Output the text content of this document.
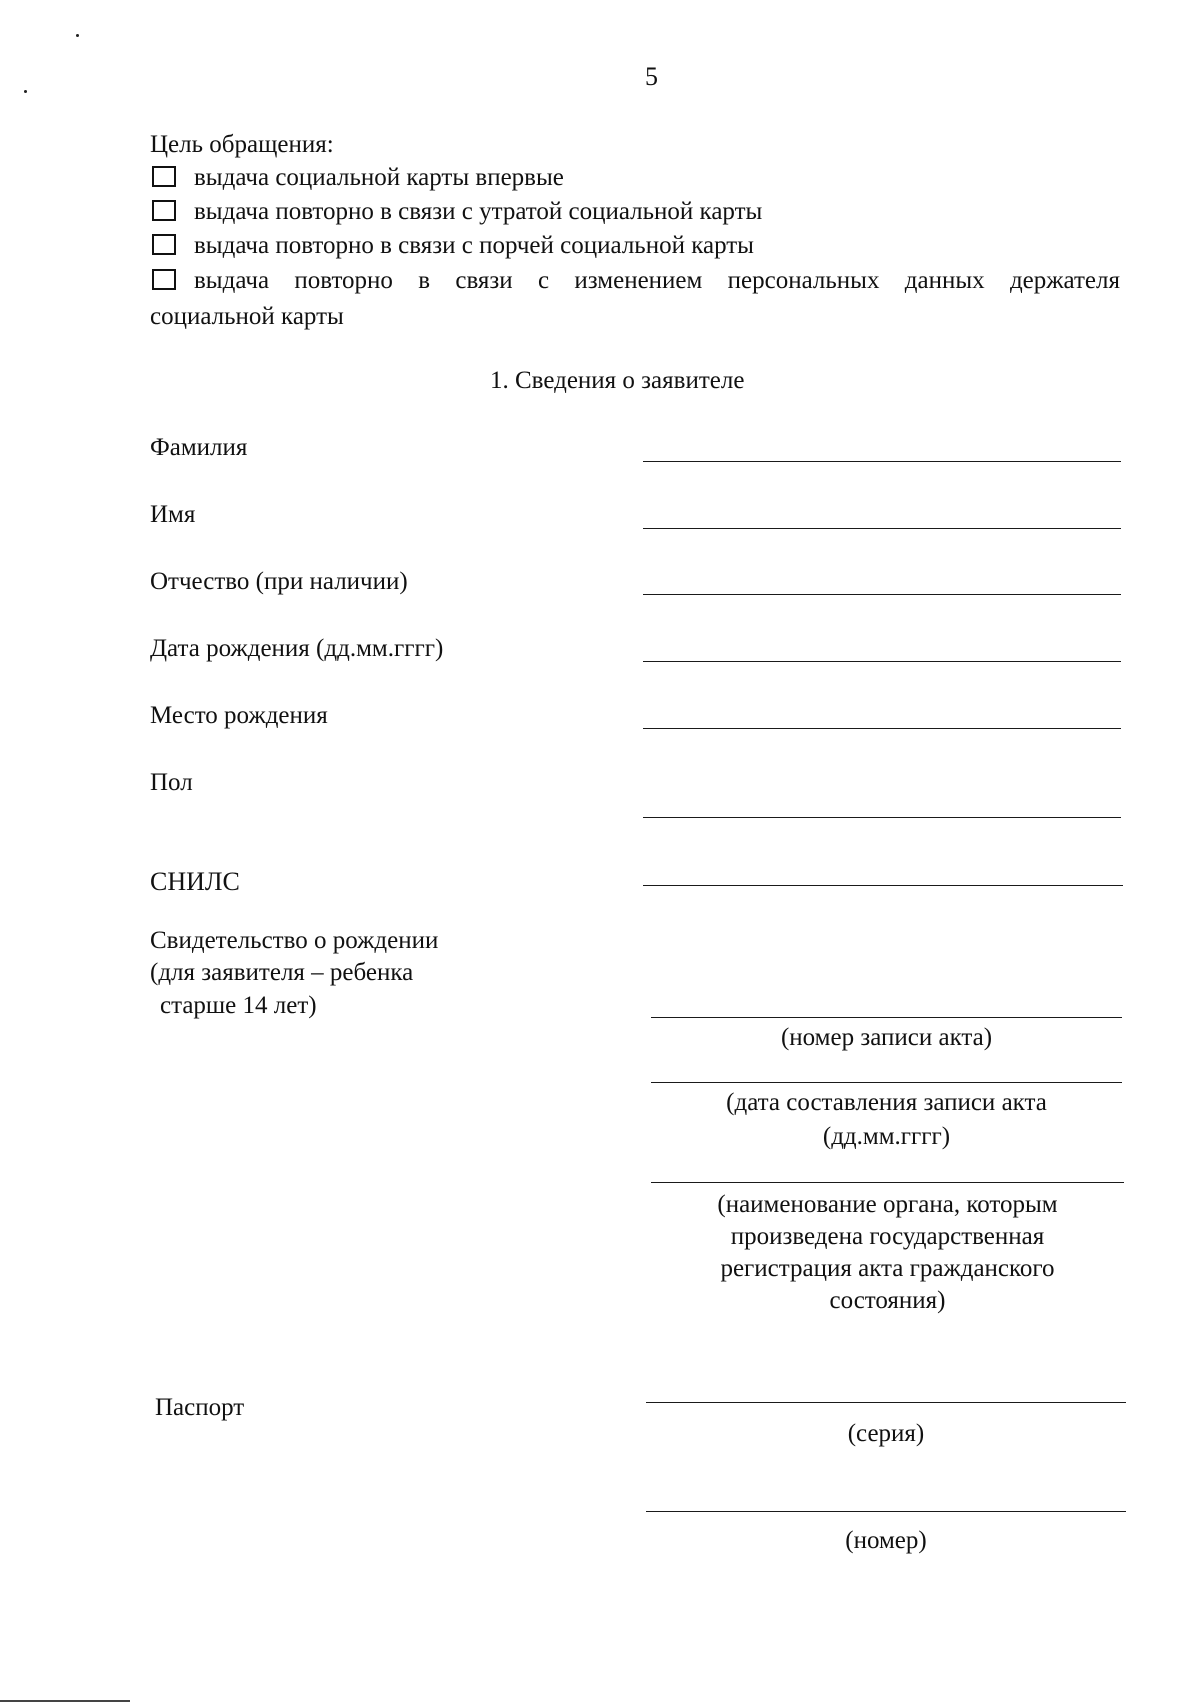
5
Цель обращения:
выдача социальной карты впервые
выдача повторно в связи с утратой социальной карты
выдача повторно в связи с порчей социальной карты
выдача повторно в связи с изменением персональных данных держателя
социальной карты
1. Сведения о заявителе
Фамилия
Имя
Отчество (при наличии)
Дата рождения (дд.мм.гггг)
Место рождения
Пол
СНИЛС
Свидетельство о рождении
(для заявителя – ребенка
старше 14 лет)
(номер записи акта)
(дата составления записи акта
(дд.мм.гггг)
(наименование органа, которым
произведена государственная
регистрация акта гражданского
состояния)
Паспорт
(серия)
(номер)
